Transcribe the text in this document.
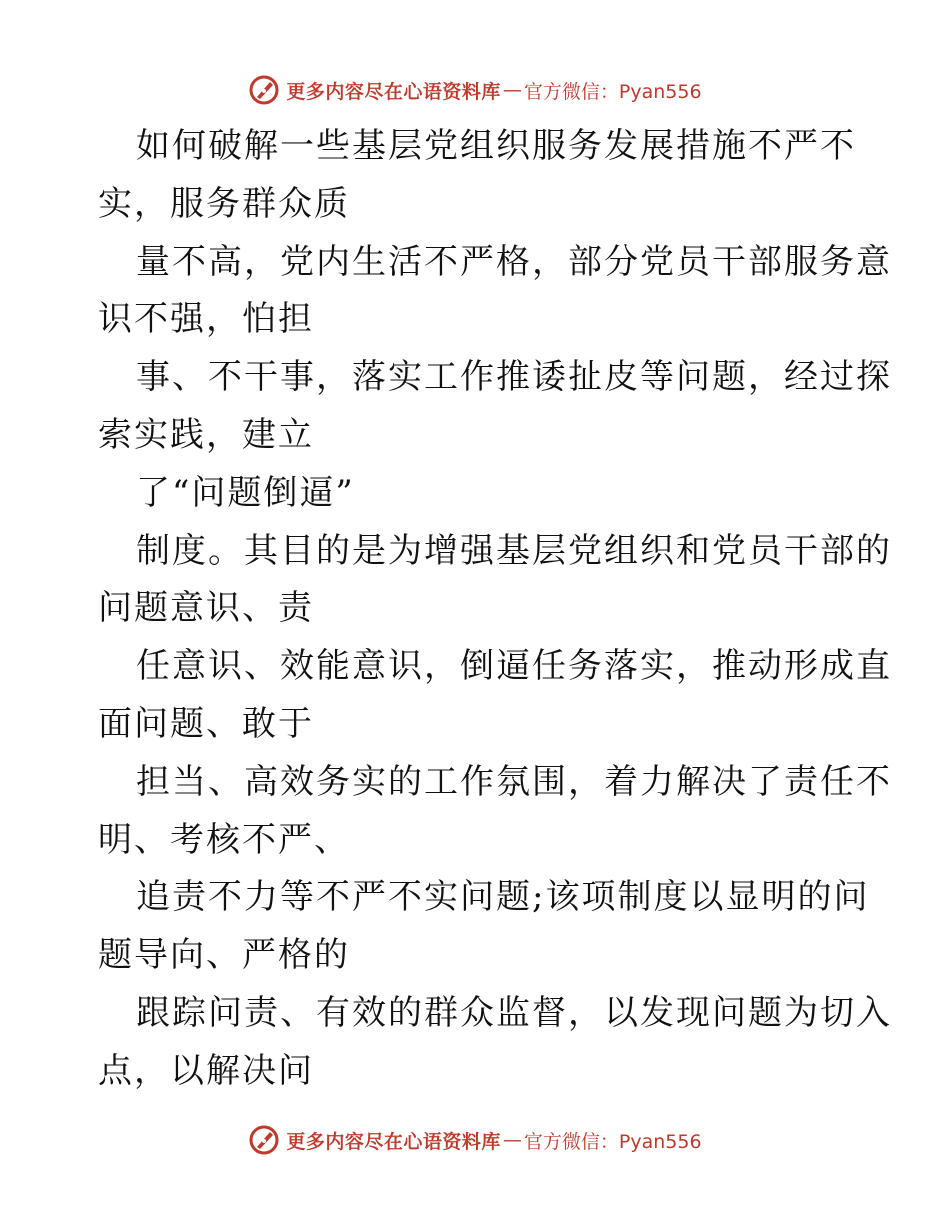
更多内容尽在心语资料库 — 官方微信：Pyan556
如何破解一些基层党组织服务发展措施不严不
实，服务群众质
量不高，党内生活不严格，部分党员干部服务意
识不强，怕担
事、不干事，落实工作推诿扯皮等问题，经过探
索实践，建立
了“问题倒逼”
制度。其目的是为增强基层党组织和党员干部的
问题意识、责
任意识、效能意识，倒逼任务落实，推动形成直
面问题、敢于
担当、高效务实的工作氛围，着力解决了责任不
明、考核不严、
追责不力等不严不实问题;该项制度以显明的问
题导向、严格的
跟踪问责、有效的群众监督，以发现问题为切入
点，以解决问
更多内容尽在心语资料库 — 官方微信：Pyan556
